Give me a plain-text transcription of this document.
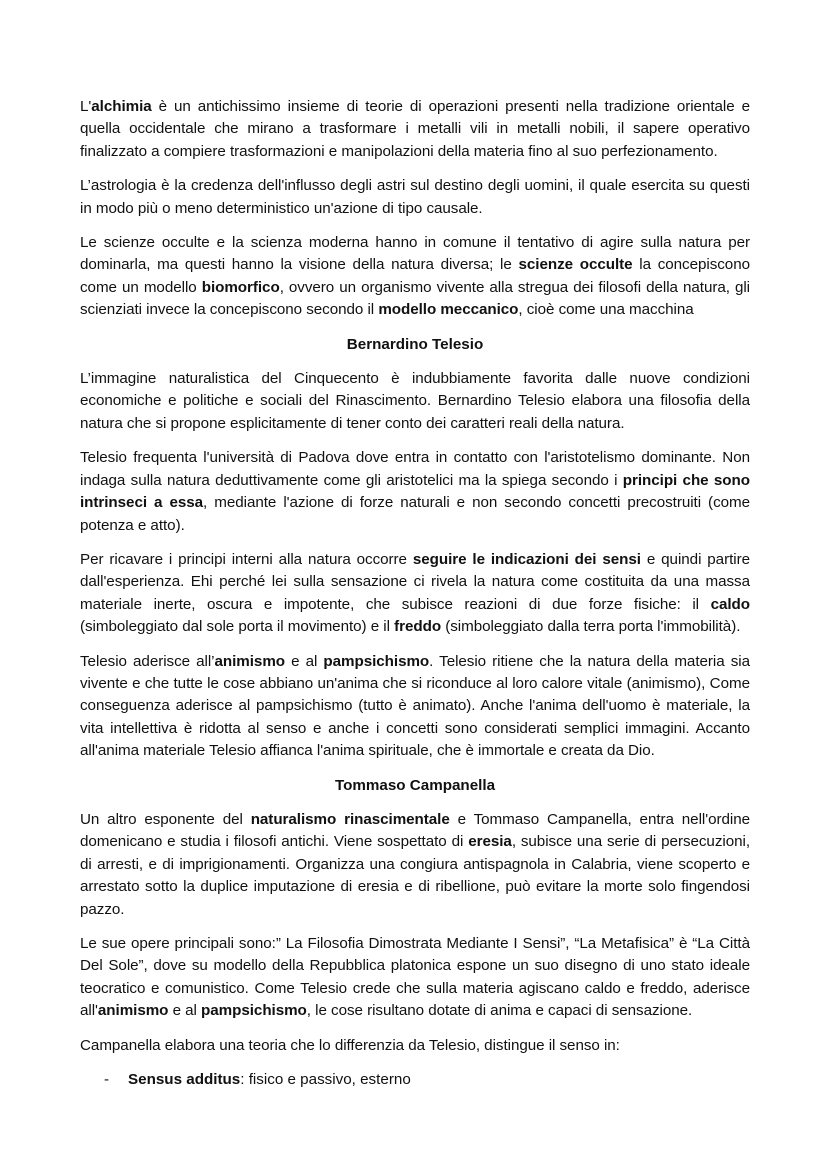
L'alchimia è un antichissimo insieme di teorie di operazioni presenti nella tradizione orientale e quella occidentale che mirano a trasformare i metalli vili in metalli nobili, il sapere operativo finalizzato a compiere trasformazioni e manipolazioni della materia fino al suo perfezionamento.

L’astrologia è la credenza dell'influsso degli astri sul destino degli uomini, il quale esercita su questi in modo più o meno deterministico un'azione di tipo causale.

Le scienze occulte e la scienza moderna hanno in comune il tentativo di agire sulla natura per dominarla, ma questi hanno la visione della natura diversa; le scienze occulte la concepiscono come un modello biomorfico, ovvero un organismo vivente alla stregua dei filosofi della natura, gli scienziati invece la concepiscono secondo il modello meccanico, cioè come una macchina

Bernardino Telesio

L’immagine naturalistica del Cinquecento è indubbiamente favorita dalle nuove condizioni economiche e politiche e sociali del Rinascimento. Bernardino Telesio elabora una filosofia della natura che si propone esplicitamente di tener conto dei caratteri reali della natura.

Telesio frequenta l'università di Padova dove entra in contatto con l'aristotelismo dominante. Non indaga sulla natura deduttivamente come gli aristotelici ma la spiega secondo i principi che sono intrinseci a essa, mediante l'azione di forze naturali e non secondo concetti precostruiti (come potenza e atto).

Per ricavare i principi interni alla natura occorre seguire le indicazioni dei sensi e quindi partire dall'esperienza. Ehi perché lei sulla sensazione ci rivela la natura come costituita da una massa materiale inerte, oscura e impotente, che subisce reazioni di due forze fisiche: il caldo (simboleggiato dal sole porta il movimento) e il freddo (simboleggiato dalla terra porta l'immobilità).

Telesio aderisce all’animismo e al pampsichismo. Telesio ritiene che la natura della materia sia vivente e che tutte le cose abbiano un'anima che si riconduce al loro calore vitale (animismo), Come conseguenza aderisce al pampsichismo (tutto è animato). Anche l'anima dell'uomo è materiale, la vita intellettiva è ridotta al senso e anche i concetti sono considerati semplici immagini. Accanto all'anima materiale Telesio affianca l'anima spirituale, che è immortale e creata da Dio.

Tommaso Campanella

Un altro esponente del naturalismo rinascimentale e Tommaso Campanella, entra nell'ordine domenicano e studia i filosofi antichi. Viene sospettato di eresia, subisce una serie di persecuzioni, di arresti, e di imprigionamenti. Organizza una congiura antispagnola in Calabria, viene scoperto e arrestato sotto la duplice imputazione di eresia e di ribellione, può evitare la morte solo fingendosi pazzo.

Le sue opere principali sono:” La Filosofia Dimostrata Mediante I Sensi”, “La Metafisica” è “La Città Del Sole”, dove su modello della Repubblica platonica espone un suo disegno di uno stato ideale teocratico e comunistico. Come Telesio crede che sulla materia agiscano caldo e freddo, aderisce all'animismo e al pampsichismo, le cose risultano dotate di anima e capaci di sensazione.

Campanella elabora una teoria che lo differenzia da Telesio, distingue il senso in:

- Sensus additus: fisico e passivo, esterno
